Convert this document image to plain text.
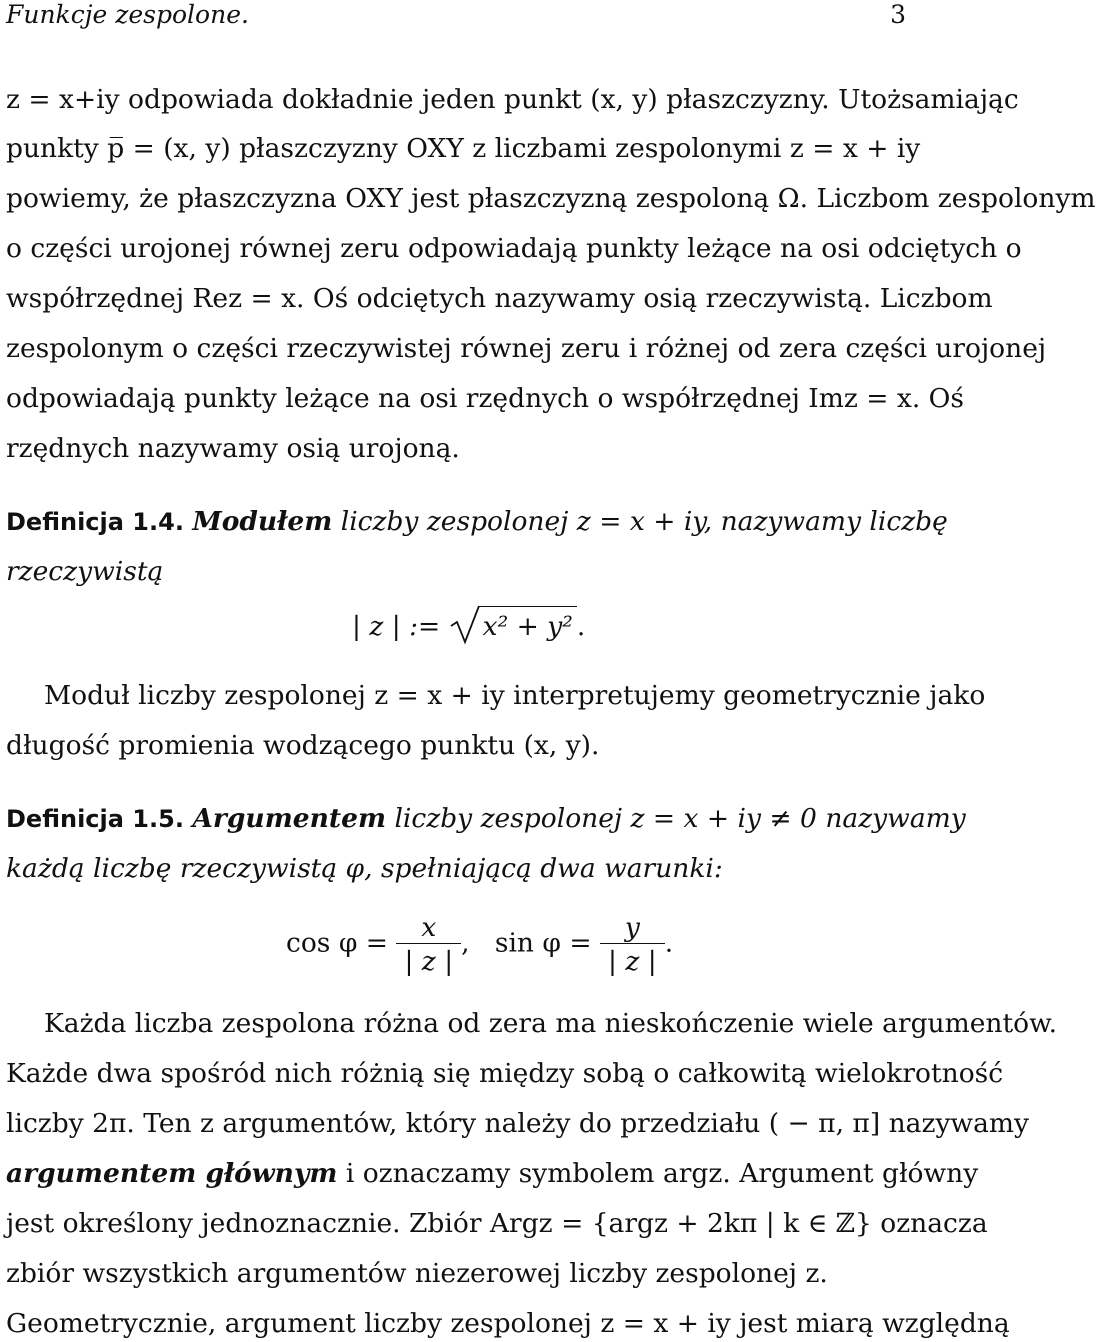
Funkcje zespolone.	3
z = x+iy odpowiada dokładnie jeden punkt (x, y) płaszczyzny. Utożsamiając
punkty p̅ = (x, y) płaszczyzny OXY z liczbami zespolonymi z = x + iy
powiemy, że płaszczyzna OXY jest płaszczyzną zespoloną Ω. Liczbom zespolonym
o części urojonej równej zeru odpowiadają punkty leżące na osi odciętych o
współrzędnej Rez = x. Oś odciętych nazywamy osią rzeczywistą. Liczbom
zespolonym o części rzeczywistej równej zeru i różnej od zera części urojonej
odpowiadają punkty leżące na osi rzędnych o współrzędnej Imz = x. Oś
rzędnych nazywamy osią urojoną.
Definicja 1.4. Modułem liczby zespolonej z = x + iy, nazywamy liczbę
rzeczywistą
| z | := x² + y² .
Moduł liczby zespolonej z = x + iy interpretujemy geometrycznie jako
długość promienia wodzącego punktu (x, y).
Definicja 1.5. Argumentem liczby zespolonej z = x + iy ≠ 0 nazywamy
każdą liczbę rzeczywistą φ, spełniającą dwa warunki:
$\cos \varphi = \frac{x}{| z |}$ , $\sin \varphi = \frac{y}{| z |}$ .
Każda liczba zespolona różna od zera ma nieskończenie wiele argumentów.
Każde dwa spośród nich różnią się między sobą o całkowitą wielokrotność
liczby 2π. Ten z argumentów, który należy do przedziału ( − π, π] nazywamy
argumentem głównym i oznaczamy symbolem argz. Argument główny
jest określony jednoznacznie. Zbiór Argz = {argz + 2kπ | k ∈ ℤ} oznacza
zbiór wszystkich argumentów niezerowej liczby zespolonej z.
Geometrycznie, argument liczby zespolonej z = x + iy jest miarą względną
